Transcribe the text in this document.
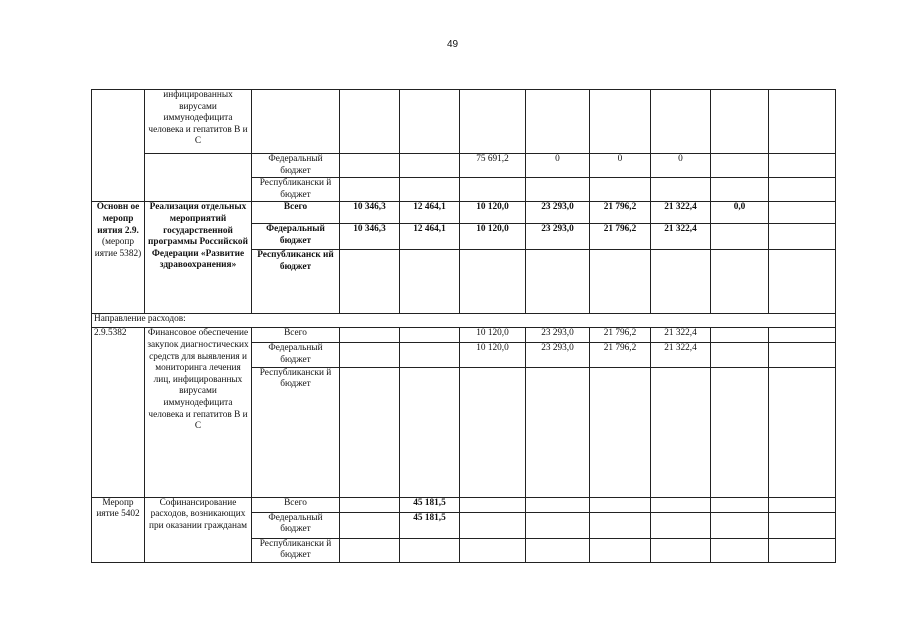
49
	инфицированных вирусами иммунодефицита человека и гепатитов В и С									
		Федеральный бюджет			75 691,2	0	0	0		
		Республикански й бюджет								

Основн ое меропр иятия 2.9.
(меропр иятие 5382)	Реализация отдельных мероприятий государственной программы Российской Федерации «Развитие здравоохранения»	Всего	10 346,3	12 464,1	10 120,0	23 293,0	21 796,2	21 322,4	0,0	
		Федеральный бюджет	10 346,3	12 464,1	10 120,0	23 293,0	21 796,2	21 322,4		
		Республиканск ий бюджет								
Направление расходов:										
2.9.5382	Финансовое обеспечение закупок диагностических средств для выявления и мониторинга лечения лиц, инфицированных вирусами иммунодефицита человека и гепатитов В и С	Всего			10 120,0	23 293,0	21 796,2	21 322,4		
		Федеральный бюджет			10 120,0	23 293,0	21 796,2	21 322,4		
		Республикански й бюджет								
Меропр иятие 5402	Софинансирование расходов, возникающих при оказании гражданам	Всего		45 181,5						
		Федеральный бюджет		45 181,5						
		Республикански й бюджет								
